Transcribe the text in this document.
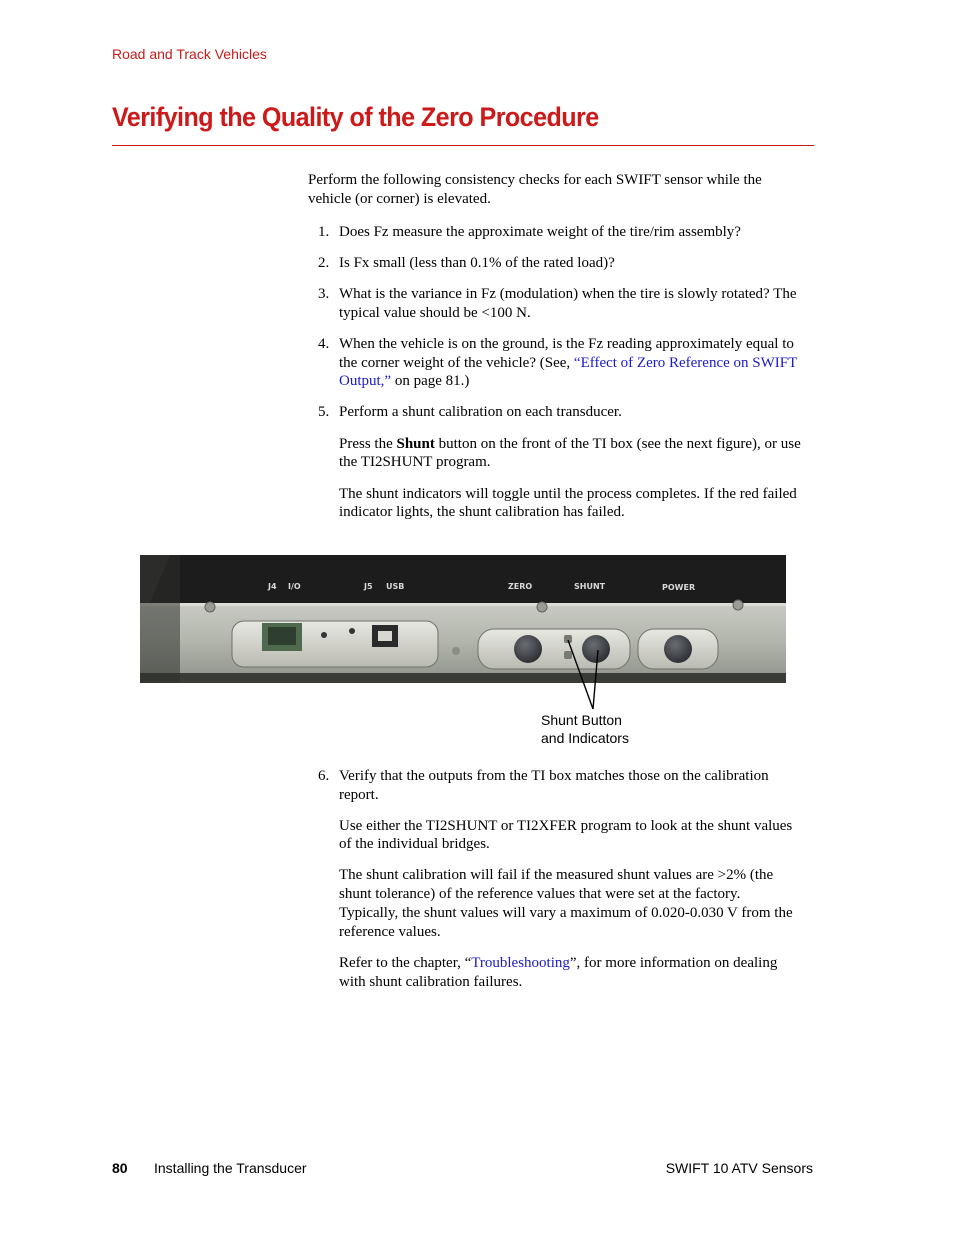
Road and Track Vehicles
Verifying the Quality of the Zero Procedure

Perform the following consistency checks for each SWIFT sensor while the

vehicle (or corner) is elevated.

1. Does Fz measure the approximate weight of the tire/rim assembly?

2. Is Fx small (less than 0.1% of the rated load)?

3. What is the variance in Fz (modulation) when the tire is slowly rotated? The

typical value should be <100 N.

4. When the vehicle is on the ground, is the Fz reading approximately equal to

the corner weight of the vehicle? (See, “Effect of Zero Reference on SWIFT

Output,” on page 81.)

5. Perform a shunt calibration on each transducer.

Press the Shunt button on the front of the TI box (see the next figure), or use

the TI2SHUNT program.

The shunt indicators will toggle until the process completes. If the red failed

indicator lights, the shunt calibration has failed.

J4 I/O	J5 USB	ZERO	SHUNT	POWER
Shunt Button
and Indicators
6. Verify that the outputs from the TI box matches those on the calibration

report.

Use either the TI2SHUNT or TI2XFER program to look at the shunt values

of the individual bridges.

The shunt calibration will fail if the measured shunt values are >2% (the

shunt tolerance) of the reference values that were set at the factory.

Typically, the shunt values will vary a maximum of 0.020-0.030 V from the

reference values.

Refer to the chapter, “Troubleshooting”, for more information on dealing

with shunt calibration failures.

80 Installing the Transducer	SWIFT 10 ATV Sensors
